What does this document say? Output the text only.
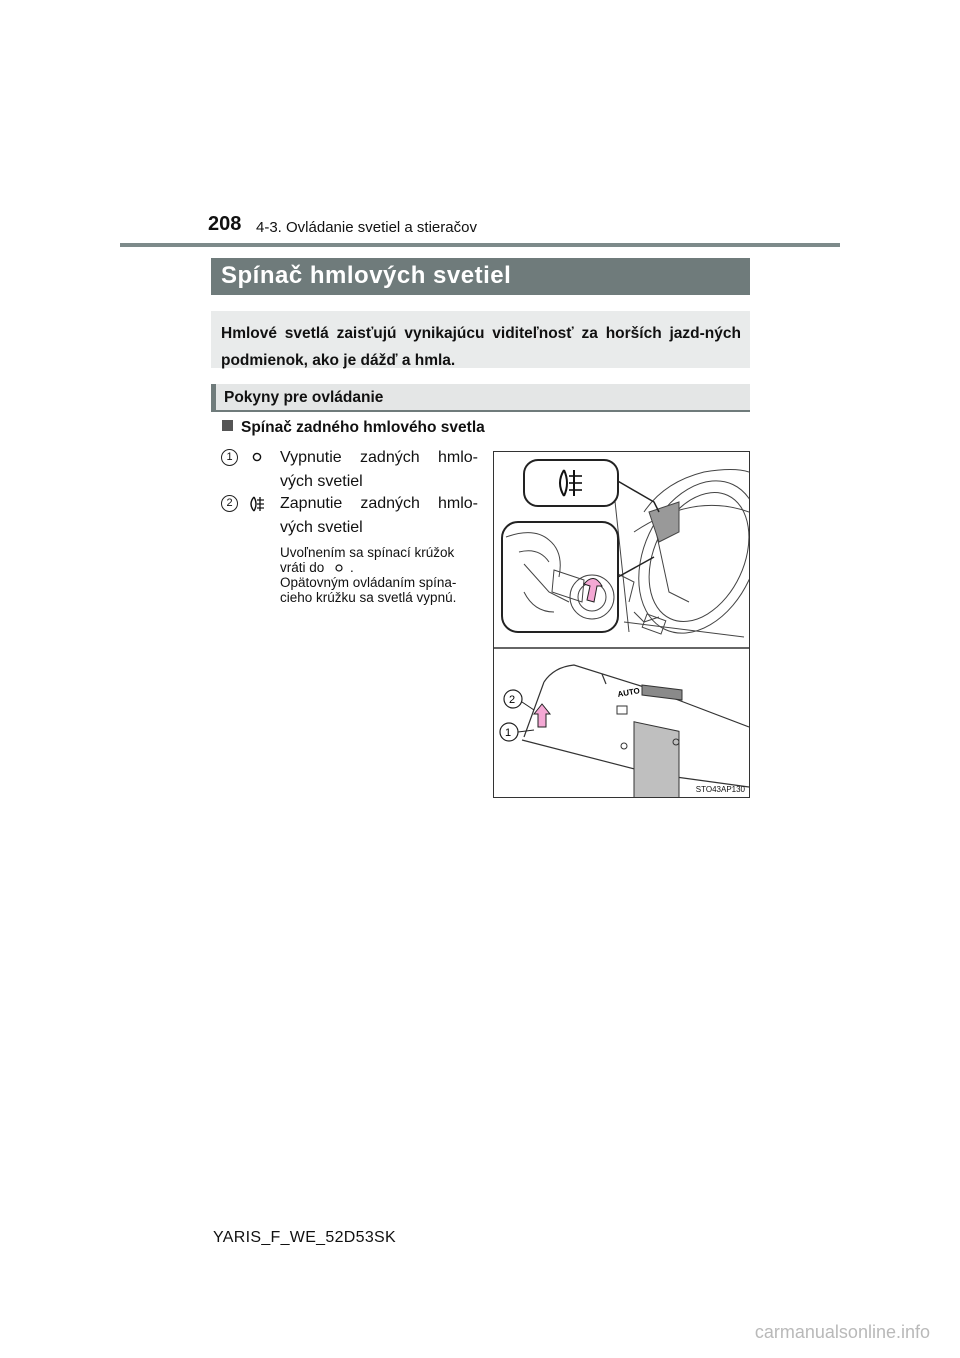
208 4-3. Ovládanie svetiel a stieračov
Spínač hmlových svetiel
Hmlové svetlá zaisťujú vynikajúcu viditeľnosť za horších jazd-ných podmienok, ako je dážď a hmla.
Pokyny pre ovládanie
Spínač zadného hmlového svetla
1	Vypnutie zadných hmlo-vých svetiel
2	Zapnutie zadných hmlo-vých svetiel
Uvoľnením sa spínací krúžok vráti do .
Opätovným ovládaním spína-cieho krúžku sa svetlá vypnú.
AUTO
2
1
STO43AP130
YARIS_F_WE_52D53SK
carmanualsonline.info
